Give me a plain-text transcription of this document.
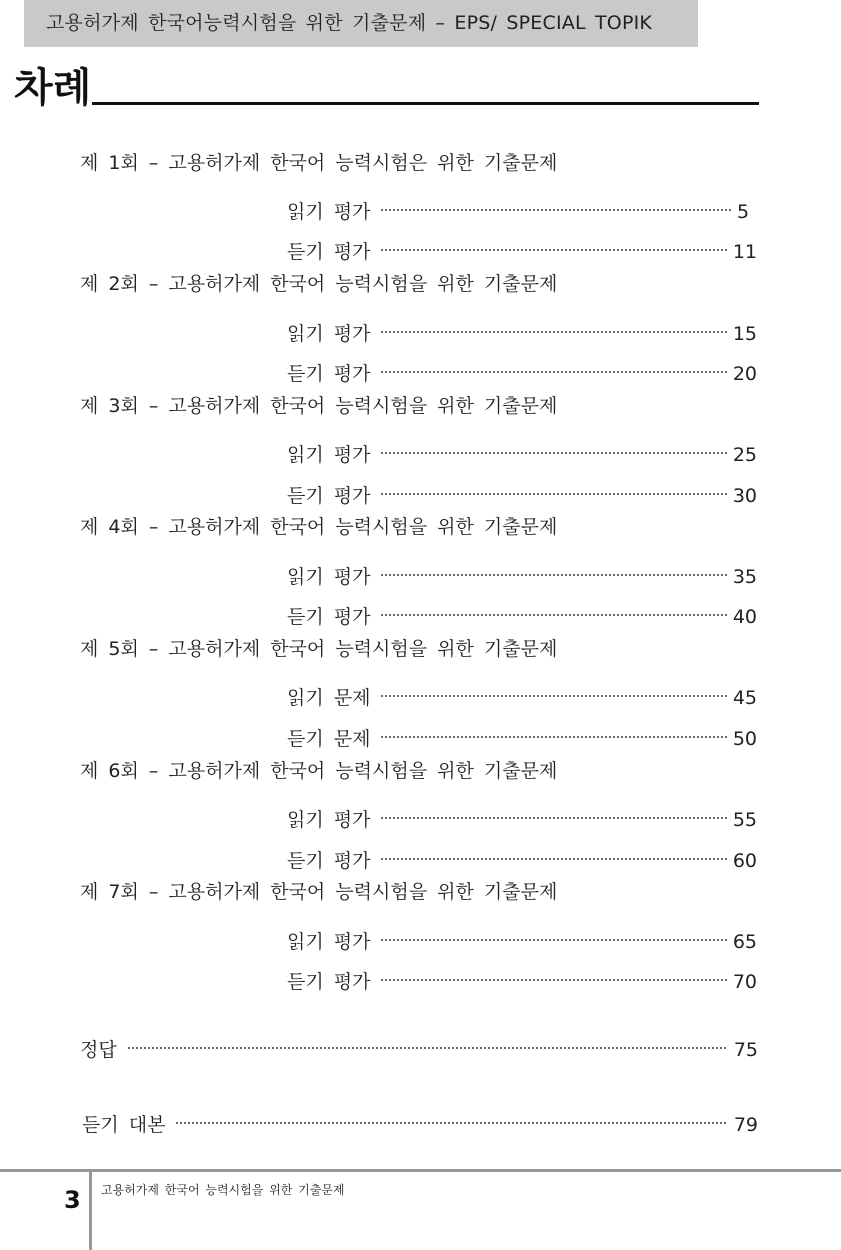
고용허가제 한국어능력시험을 위한 기출문제 – EPS/ SPECIAL TOPIK
차례
제 1회 – 고용허가제 한국어 능력시험은 위한 기출문제
읽기 평가	5
듣기 평가	11
제 2회 – 고용허가제 한국어 능력시험을 위한 기출문제
읽기 평가	15
듣기 평가	20
제 3회 – 고용허가제 한국어 능력시험을 위한 기출문제
읽기 평가	25
듣기 평가	30
제 4회 – 고용허가제 한국어 능력시험을 위한 기출문제
읽기 평가	35
듣기 평가	40
제 5회 – 고용허가제 한국어 능력시험을 위한 기출문제
읽기 문제	45
듣기 문제	50
제 6회 – 고용허가제 한국어 능력시험을 위한 기출문제
읽기 평가	55
듣기 평가	60
제 7회 – 고용허가제 한국어 능력시험을 위한 기출문제
읽기 평가	65
듣기 평가	70
정답	75
듣기 대본	79
3 고용허가제 한국어 능력시험을 위한 기출문제
